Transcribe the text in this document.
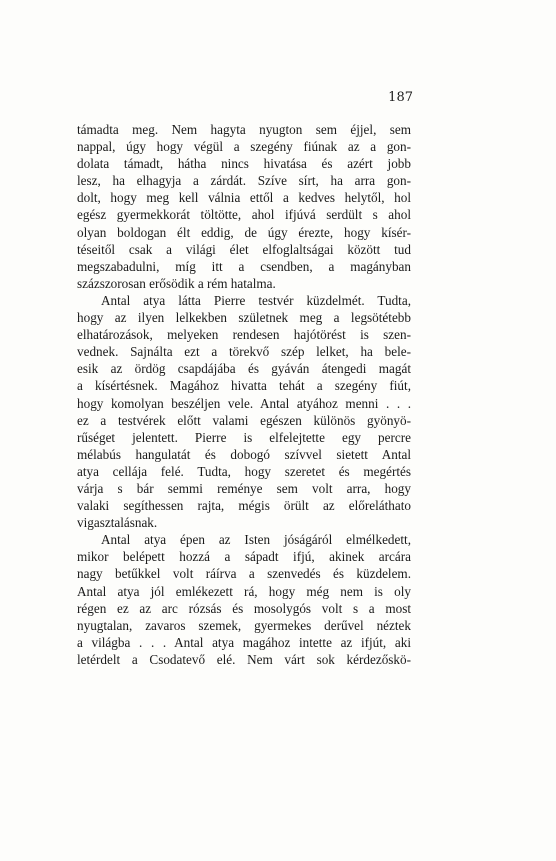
187
támadta meg. Nem hagyta nyugton sem éjjel, sem
nappal, úgy hogy végül a szegény fiúnak az a gon-
dolata támadt, hátha nincs hivatása és azért jobb
lesz, ha elhagyja a zárdát. Szíve sírt, ha arra gon-
dolt, hogy meg kell válnia ettől a kedves helytől, hol
egész gyermekkorát töltötte, ahol ifjúvá serdült s ahol
olyan boldogan élt eddig, de úgy érezte, hogy kísér-
téseitől csak a világi élet elfoglaltságai között tud
megszabadulni, míg itt a csendben, a magányban
százszorosan erősödik a rém hatalma.
Antal atya látta Pierre testvér küzdelmét. Tudta,
hogy az ilyen lelkekben születnek meg a legsötétebb
elhatározások, melyeken rendesen hajótörést is szen-
vednek. Sajnálta ezt a törekvő szép lelket, ha bele-
esik az ördög csapdájába és gyáván átengedi magát
a kísértésnek. Magához hivatta tehát a szegény fiút,
hogy komolyan beszéljen vele. Antal atyához menni . . .
ez a testvérek előtt valami egészen különös gyönyö-
rűséget jelentett. Pierre is elfelejtette egy percre
mélabús hangulatát és dobogó szívvel sietett Antal
atya cellája felé. Tudta, hogy szeretet és megértés
várja s bár semmi reménye sem volt arra, hogy
valaki segíthessen rajta, mégis örült az előreláthato
vigasztalásnak.
Antal atya épen az Isten jóságáról elmélkedett,
mikor belépett hozzá a sápadt ifjú, akinek arcára
nagy betűkkel volt ráírva a szenvedés és küzdelem.
Antal atya jól emlékezett rá, hogy még nem is oly
régen ez az arc rózsás és mosolygós volt s a most
nyugtalan, zavaros szemek, gyermekes derűvel néztek
a világba . . . Antal atya magához intette az ifjút, aki
letérdelt a Csodatevő elé. Nem várt sok kérdezőskö-
